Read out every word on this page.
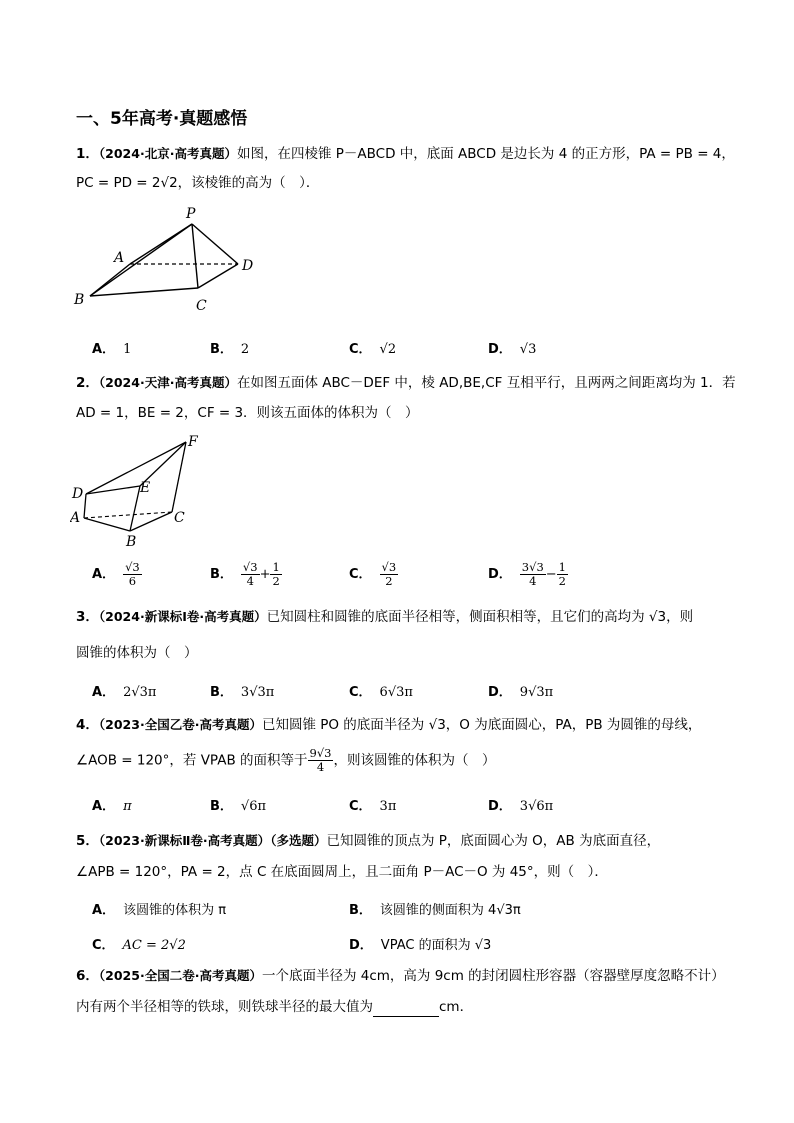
一、5年高考·真题感悟
1．（2024·北京·高考真题）如图，在四棱锥 P－ABCD 中，底面 ABCD 是边长为 4 的正方形，PA = PB = 4，
PC = PD = 2√2，该棱锥的高为（　）．
P
A	D
B	C
A． 1	B． 2	C． √2	D． √3
2．（2024·天津·高考真题）在如图五面体 ABC－DEF 中，棱 AD,BE,CF 互相平行，且两两之间距离均为 1．若
AD = 1，BE = 2，CF = 3．则该五面体的体积为（　）
F
E
D
A	C
B
A． $\frac{√3}{6}$	B． $\frac{√3}{4} + \frac{1}{2}$	C． $\frac{√3}{2}$	D． $\frac{3√3}{4} - \frac{1}{2}$
3．（2024·新课标Ⅰ卷·高考真题）已知圆柱和圆锥的底面半径相等，侧面积相等，且它们的高均为 √3，则
圆锥的体积为（　）
A． 2√3π	B． 3√3π	C． 6√3π	D． 9√3π
4．（2023·全国乙卷·高考真题）已知圆锥 PO 的底面半径为 √3，O 为底面圆心，PA，PB 为圆锥的母线，
∠AOB = 120°，若 VPAB 的面积等于 $\frac{9√3}{4}$ ，则该圆锥的体积为（　）
A． π	B． √6π	C． 3π	D． 3√6π
5．（2023·新课标Ⅱ卷·高考真题）（多选题）已知圆锥的顶点为 P，底面圆心为 O，AB 为底面直径，
∠APB = 120°，PA = 2，点 C 在底面圆周上，且二面角 P－AC－O 为 45°，则（　）．
A． 该圆锥的体积为 π	B． 该圆锥的侧面积为 4√3π
C． AC = 2√2	D． VPAC 的面积为 √3
6．（2025·全国二卷·高考真题）一个底面半径为 4cm，高为 9cm 的封闭圆柱形容器（容器壁厚度忽略不计）
内有两个半径相等的铁球，则铁球半径的最大值为	cm．
